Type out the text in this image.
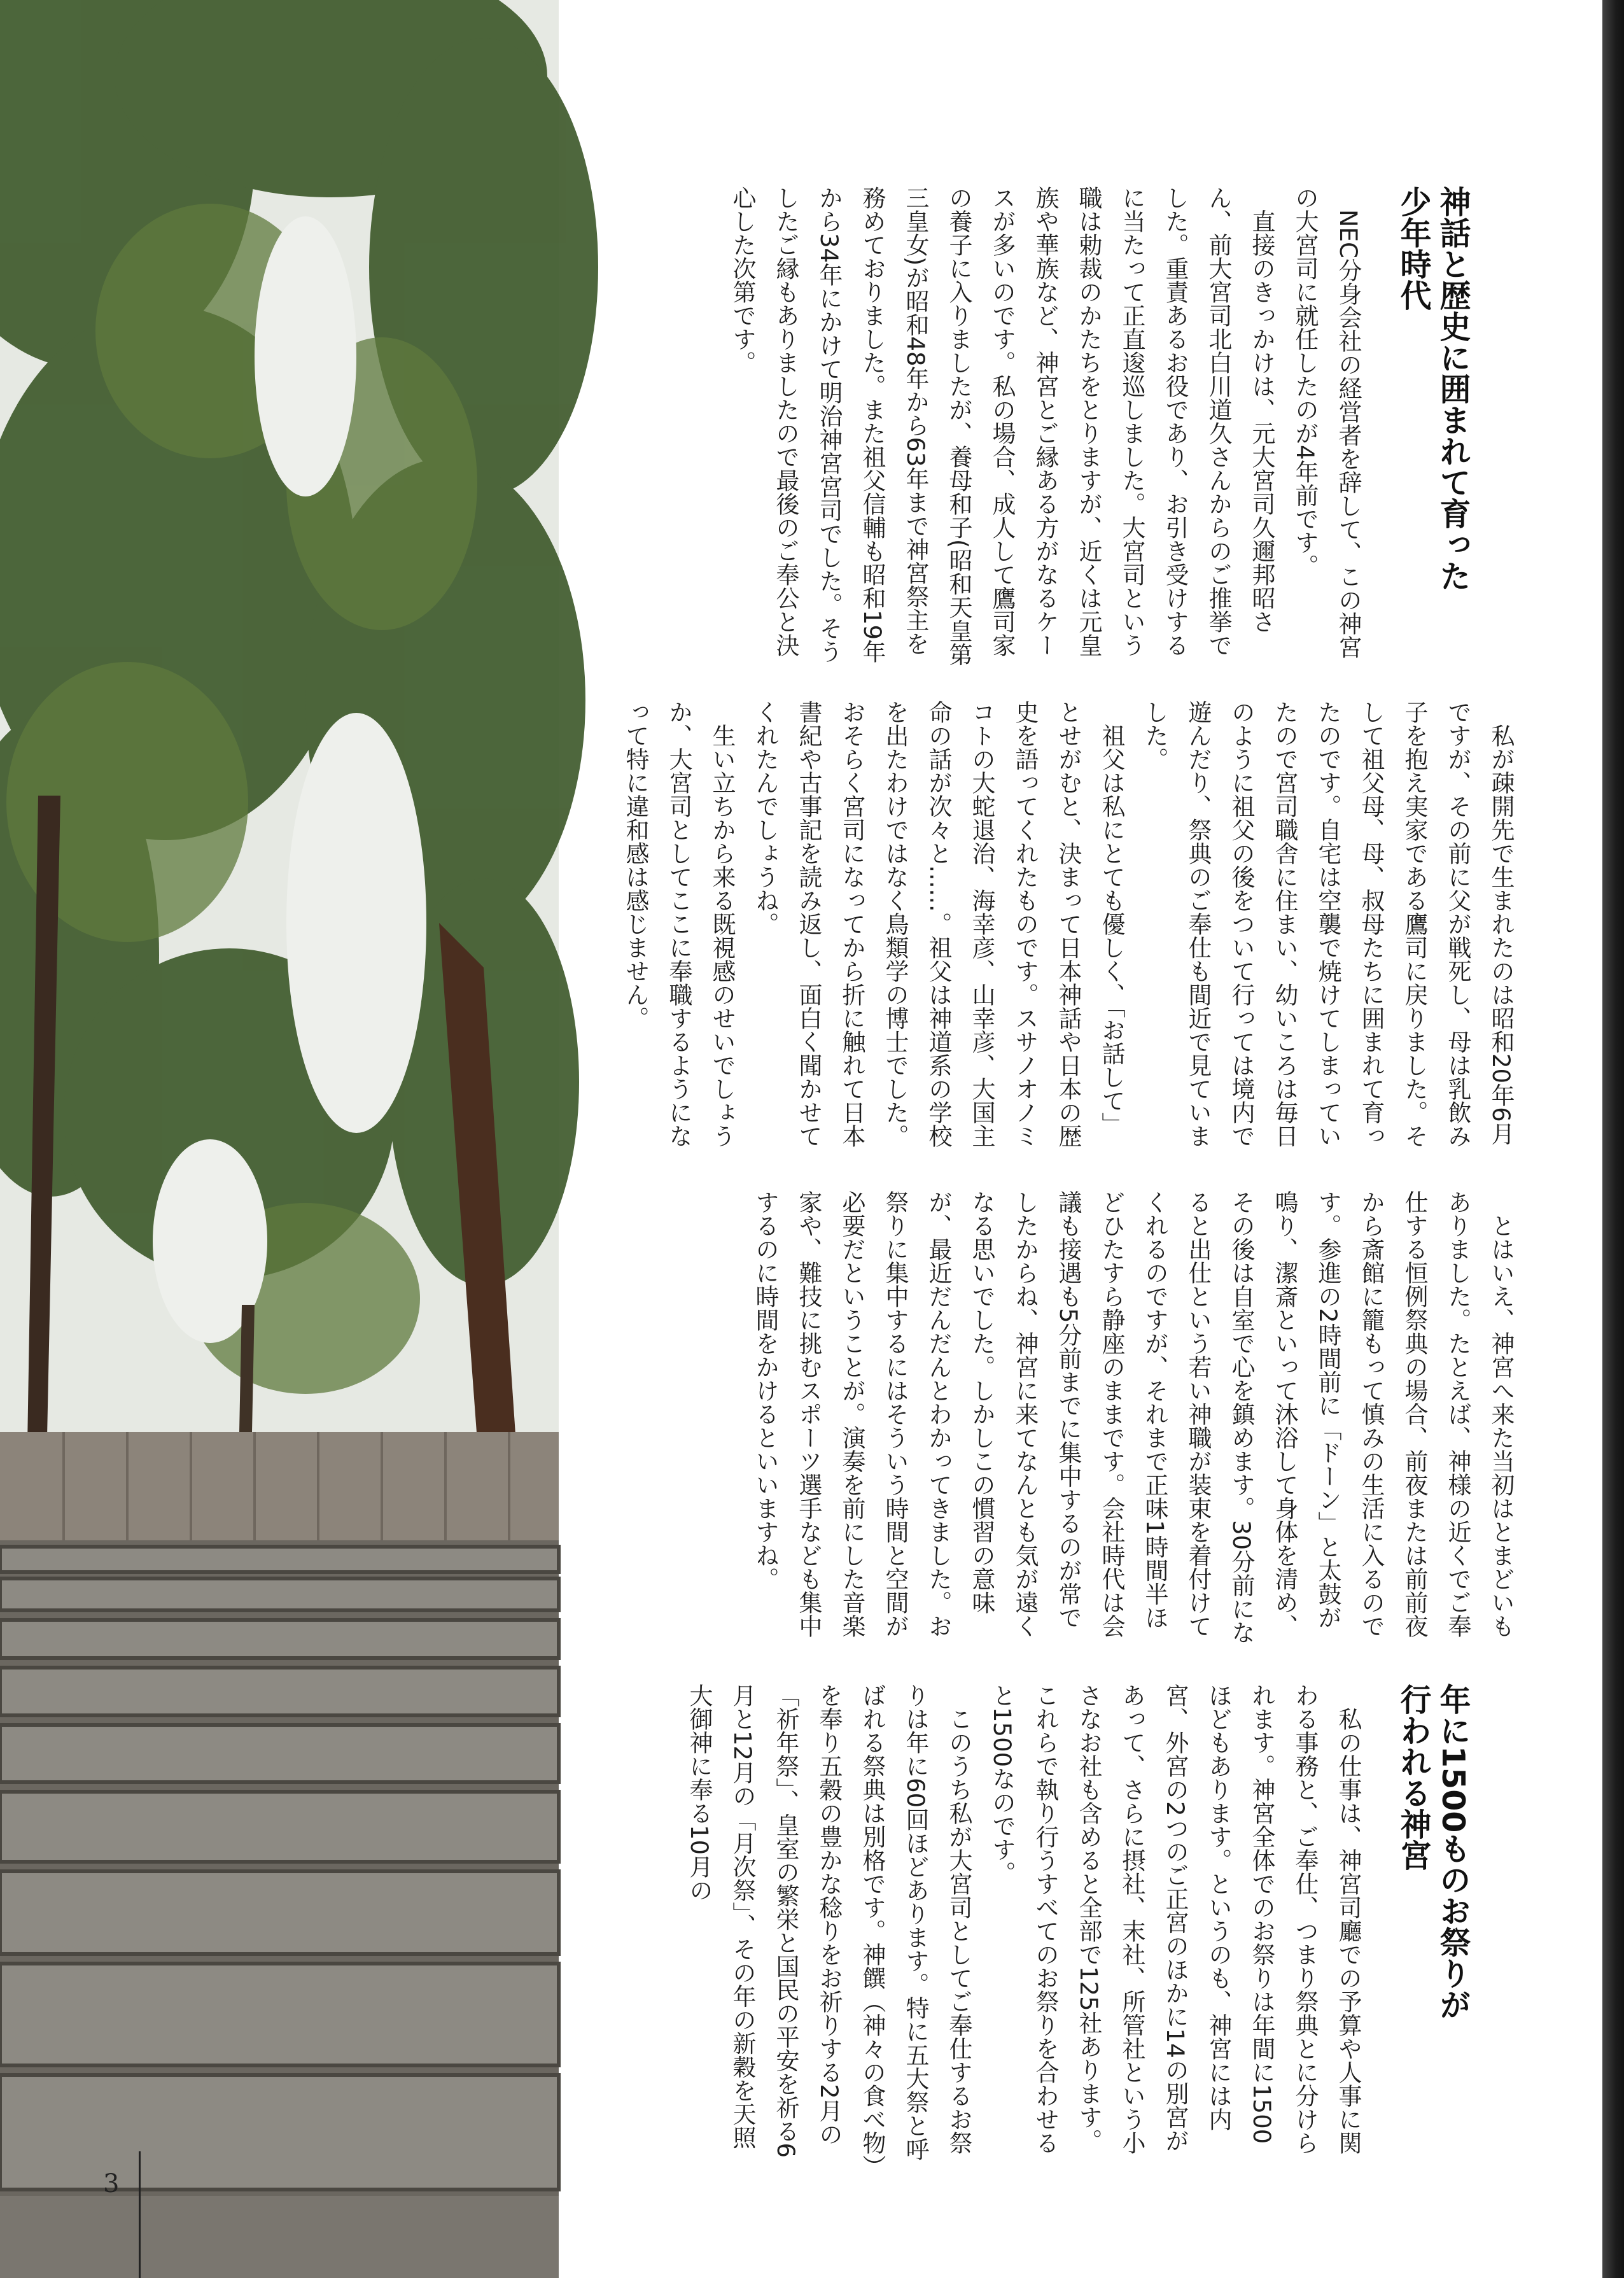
3
神話と歴史に囲まれて育った
少年時代

NEC分身会社の経営者を辞して、この神宮の大宮司に就任したのが4年前です。

直接のきっかけは、元大宮司久邇邦昭さん、前大宮司北白川道久さんからのご推挙でした。重責あるお役であり、お引き受けするに当たって正直逡巡しました。大宮司という職は勅裁のかたちをとりますが、近くは元皇族や華族など、神宮とご縁ある方がなるケースが多いのです。私の場合、成人して鷹司家の養子に入りましたが、養母和子(昭和天皇第三皇女)が昭和48年から63年まで神宮祭主を務めておりました。また祖父信輔も昭和19年から34年にかけて明治神宮宮司でした。そうしたご縁もありましたので最後のご奉公と決心した次第です。

私が疎開先で生まれたのは昭和20年6月ですが、その前に父が戦死し、母は乳飲み子を抱え実家である鷹司に戻りました。そして祖父母、母、叔母たちに囲まれて育ったのです。自宅は空襲で焼けてしまっていたので宮司職舎に住まい、幼いころは毎日のように祖父の後をついて行っては境内で遊んだり、祭典のご奉仕も間近で見ていました。

祖父は私にとても優しく、「お話して」とせがむと、決まって日本神話や日本の歴史を語ってくれたものです。スサノオノミコトの大蛇退治、海幸彦、山幸彦、大国主命の話が次々と……。祖父は神道系の学校を出たわけではなく鳥類学の博士でした。おそらく宮司になってから折に触れて日本書紀や古事記を読み返し、面白く聞かせてくれたんでしょうね。

生い立ちから来る既視感のせいでしょうか、大宮司としてここに奉職するようになって特に違和感は感じません。

とはいえ、神宮へ来た当初はとまどいもありました。たとえば、神様の近くでご奉仕する恒例祭典の場合、前夜または前前夜から斎館に籠もって慎みの生活に入るのです。参進の2時間前に「ドーン」と太鼓が鳴り、潔斎といって沐浴して身体を清め、その後は自室で心を鎮めます。30分前になると出仕という若い神職が装束を着付けてくれるのですが、それまで正味1時間半ほどひたすら静座のままです。会社時代は会議も接遇も5分前までに集中するのが常でしたからね、神宮に来てなんとも気が遠くなる思いでした。しかしこの慣習の意味が、最近だんだんとわかってきました。お祭りに集中するにはそういう時間と空間が必要だということが。演奏を前にした音楽家や、難技に挑むスポーツ選手なども集中するのに時間をかけるといいますね。

年に1500ものお祭りが
行われる神宮

私の仕事は、神宮司廳での予算や人事に関わる事務と、ご奉仕、つまり祭典とに分けられます。神宮全体でのお祭りは年間に1500ほどもあります。というのも、神宮には内宮、外宮の2つのご正宮のほかに14の別宮があって、さらに摂社、末社、所管社という小さなお社も含めると全部で125社あります。これらで執り行うすべてのお祭りを合わせると1500なのです。

このうち私が大宮司としてご奉仕するお祭りは年に60回ほどあります。特に五大祭と呼ばれる祭典は別格です。神饌（神々の食べ物）を奉り五穀の豊かな稔りをお祈りする2月の「祈年祭」、皇室の繁栄と国民の平安を祈る6月と12月の「月次祭」、その年の新穀を天照大御神に奉る10月の
